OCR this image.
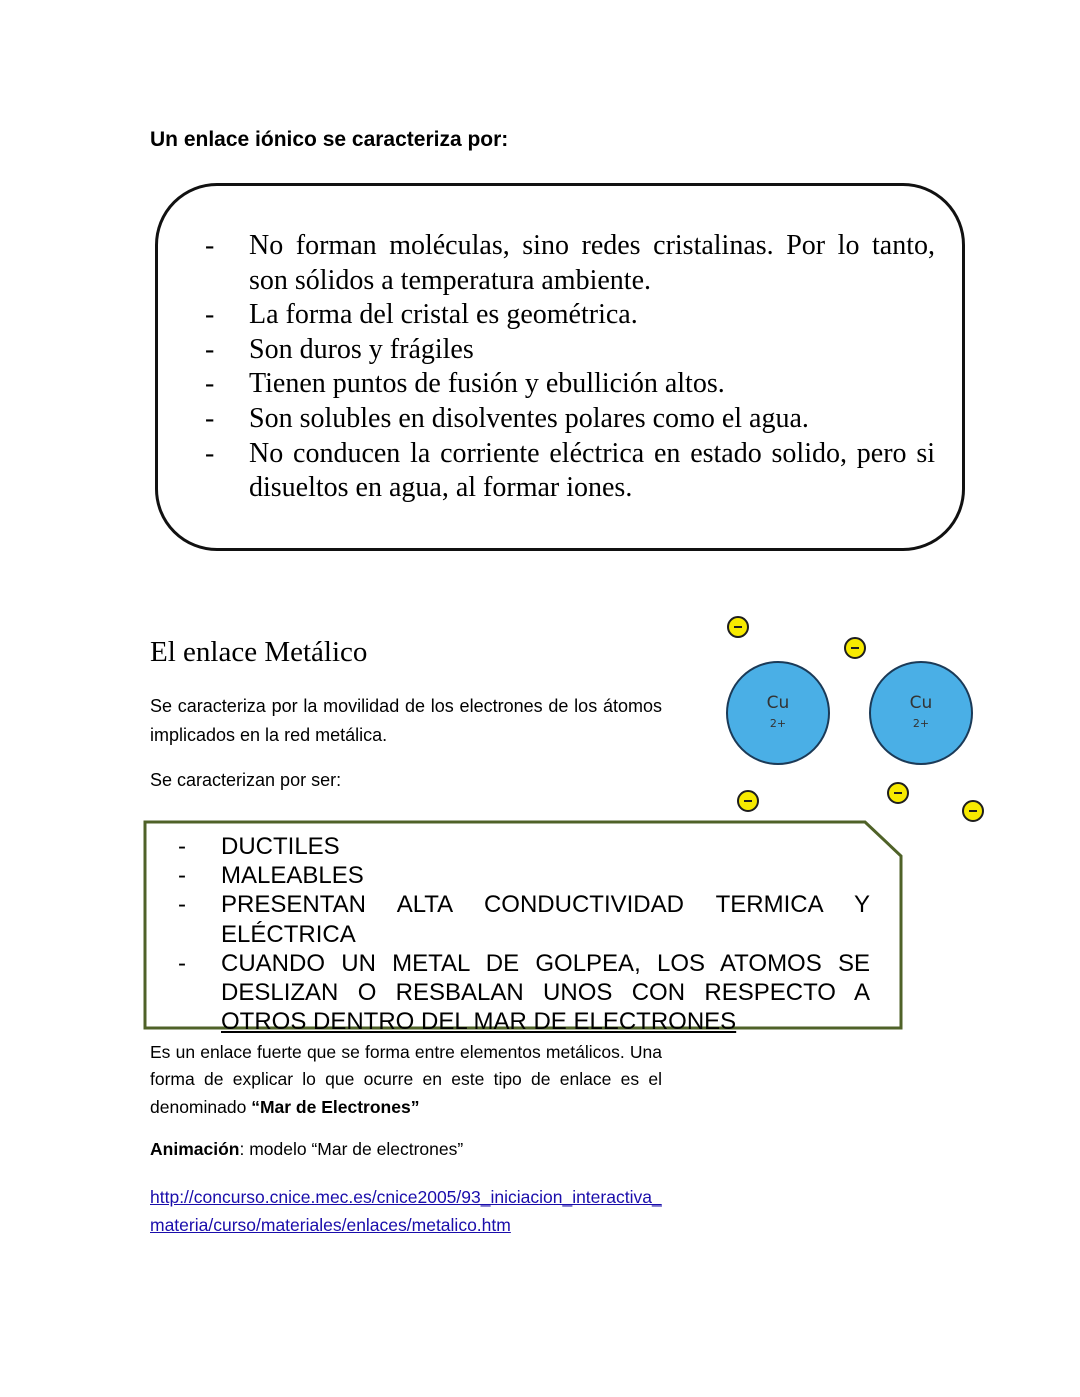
Un enlace iónico se caracteriza por:
- No forman moléculas, sino redes cristalinas. Por lo tanto, son sólidos a temperatura ambiente.
- La forma del cristal es geométrica.
- Son duros y frágiles
- Tienen puntos de fusión y ebullición altos.
- Son solubles en disolventes polares como el agua.
- No conducen la corriente eléctrica en estado solido, pero si disueltos en agua, al formar iones.
El enlace Metálico
Se caracteriza por la movilidad de los electrones de los átomos implicados en la red metálica.
Se caracterizan por ser:
Cu
2+
Cu
2+
- DUCTILES
- MALEABLES
- PRESENTAN ALTA CONDUCTIVIDAD TERMICA Y ELÉCTRICA
- CUANDO UN METAL DE GOLPEA, LOS ATOMOS SE DESLIZAN O RESBALAN UNOS CON RESPECTO A
OTROS DENTRO DEL MAR DE ELECTRONES
Es un enlace fuerte que se forma entre elementos metálicos. Una forma de explicar lo que ocurre en este tipo de enlace es el denominado “Mar de Electrones”
Animación: modelo “Mar de electrones”
http://concurso.cnice.mec.es/cnice2005/93_iniciacion_interactiva_materia/curso/materiales/enlaces/metalico.htm
